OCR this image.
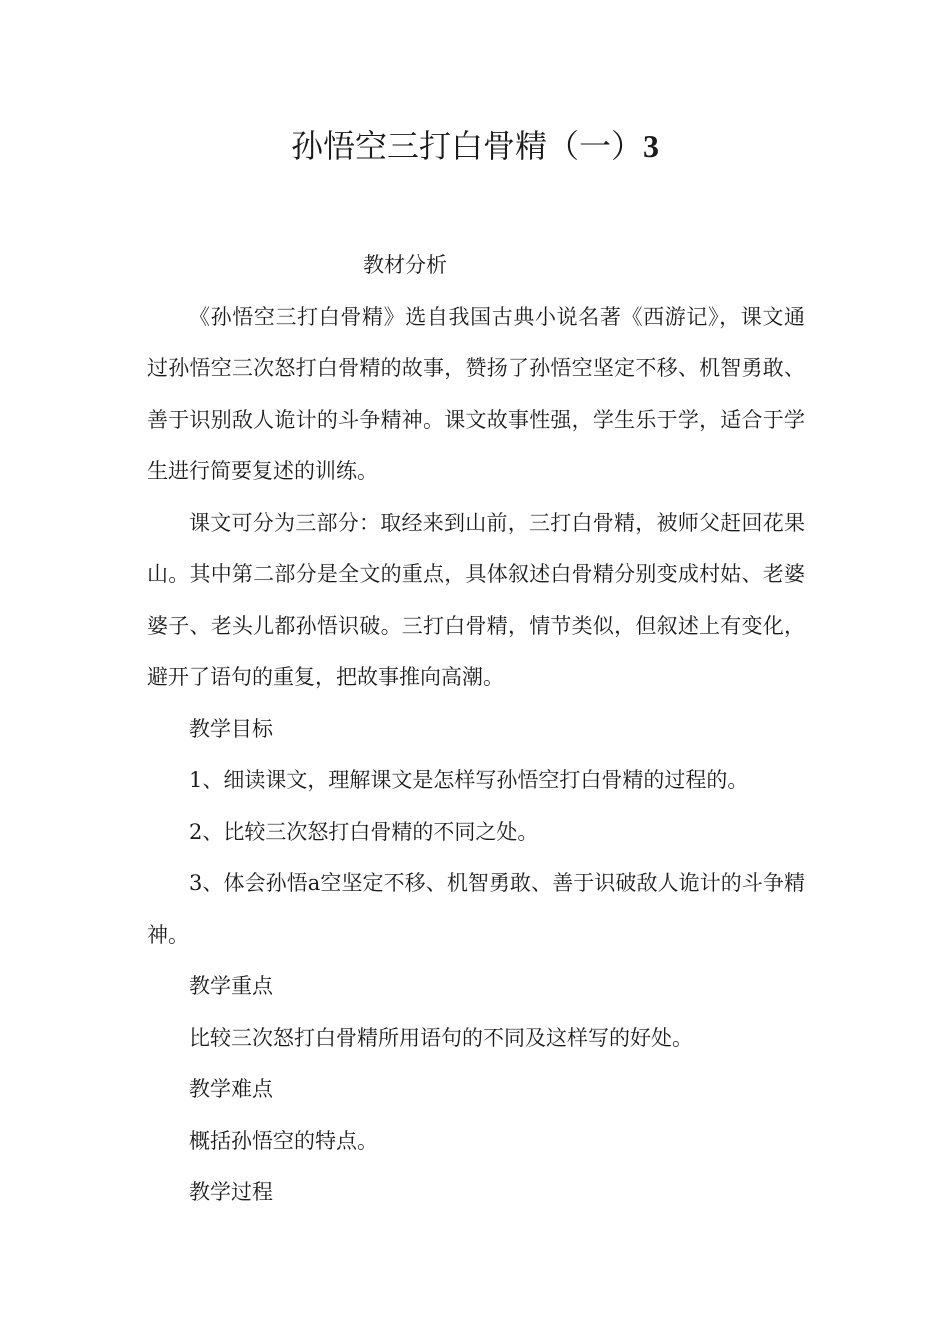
孙悟空三打白骨精（一）3

教材分析

《孙悟空三打白骨精》选自我国古典小说名著《西游记》，课文通过孙悟空三次怒打白骨精的故事，赞扬了孙悟空坚定不移、机智勇敢、善于识别敌人诡计的斗争精神。课文故事性强，学生乐于学，适合于学生进行简要复述的训练。

课文可分为三部分：取经来到山前，三打白骨精，被师父赶回花果山。其中第二部分是全文的重点，具体叙述白骨精分别变成村姑、老婆婆子、老头儿都孙悟识破。三打白骨精，情节类似，但叙述上有变化，避开了语句的重复，把故事推向高潮。

教学目标

1、细读课文，理解课文是怎样写孙悟空打白骨精的过程的。

2、比较三次怒打白骨精的不同之处。

3、体会孙悟a空坚定不移、机智勇敢、善于识破敌人诡计的斗争精神。

教学重点

比较三次怒打白骨精所用语句的不同及这样写的好处。

教学难点

概括孙悟空的特点。

教学过程
